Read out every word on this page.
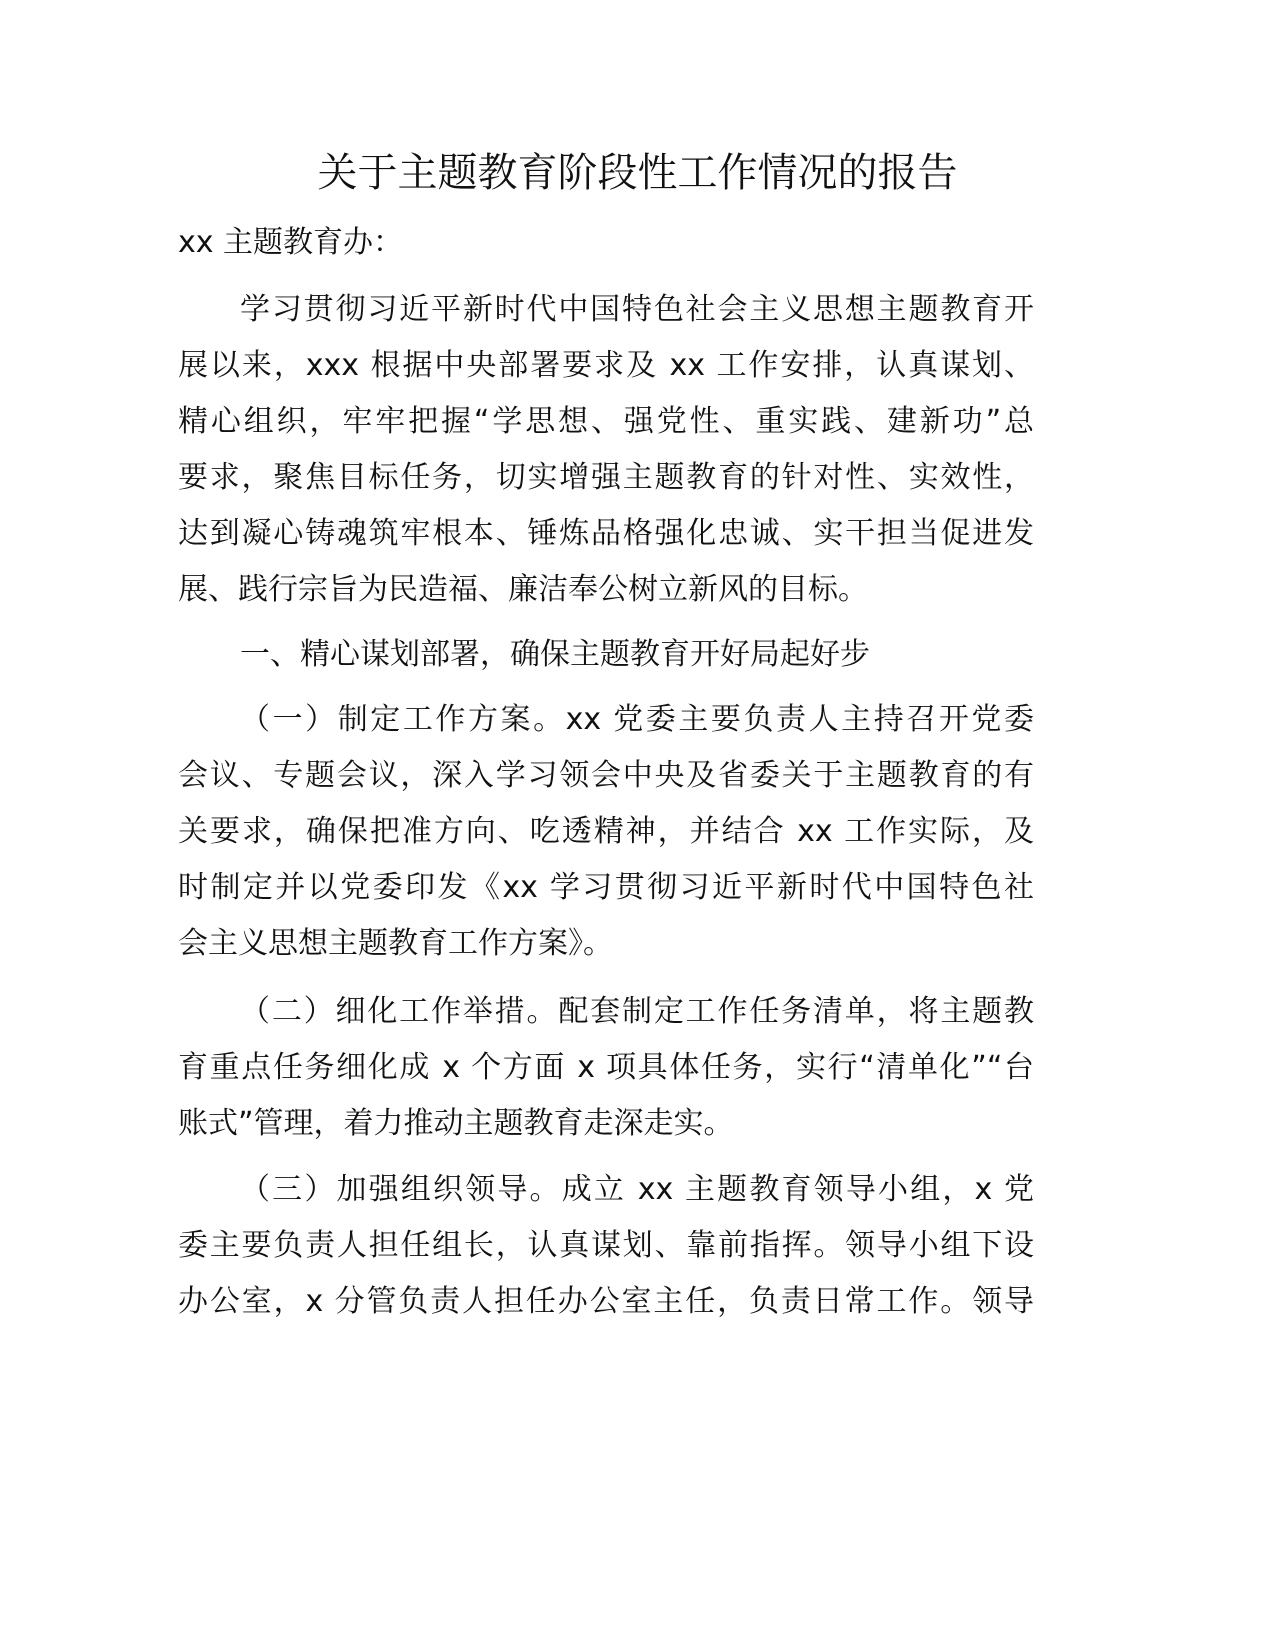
关于主题教育阶段性工作情况的报告
xx 主题教育办：
学习贯彻习近平新时代中国特色社会主义思想主题教育开
展以来，xxx 根据中央部署要求及 xx 工作安排，认真谋划、
精心组织，牢牢把握“学思想、强党性、重实践、建新功”总
要求，聚焦目标任务，切实增强主题教育的针对性、实效性，
达到凝心铸魂筑牢根本、锤炼品格强化忠诚、实干担当促进发
展、践行宗旨为民造福、廉洁奉公树立新风的目标。
一、精心谋划部署，确保主题教育开好局起好步
（一）制定工作方案。xx 党委主要负责人主持召开党委
会议、专题会议，深入学习领会中央及省委关于主题教育的有
关要求，确保把准方向、吃透精神，并结合 xx 工作实际，及
时制定并以党委印发《xx 学习贯彻习近平新时代中国特色社
会主义思想主题教育工作方案》。
（二）细化工作举措。配套制定工作任务清单，将主题教
育重点任务细化成 x 个方面 x 项具体任务，实行“清单化”“台
账式”管理，着力推动主题教育走深走实。
（三）加强组织领导。成立 xx 主题教育领导小组，x 党
委主要负责人担任组长，认真谋划、靠前指挥。领导小组下设
办公室，x 分管负责人担任办公室主任，负责日常工作。领导
